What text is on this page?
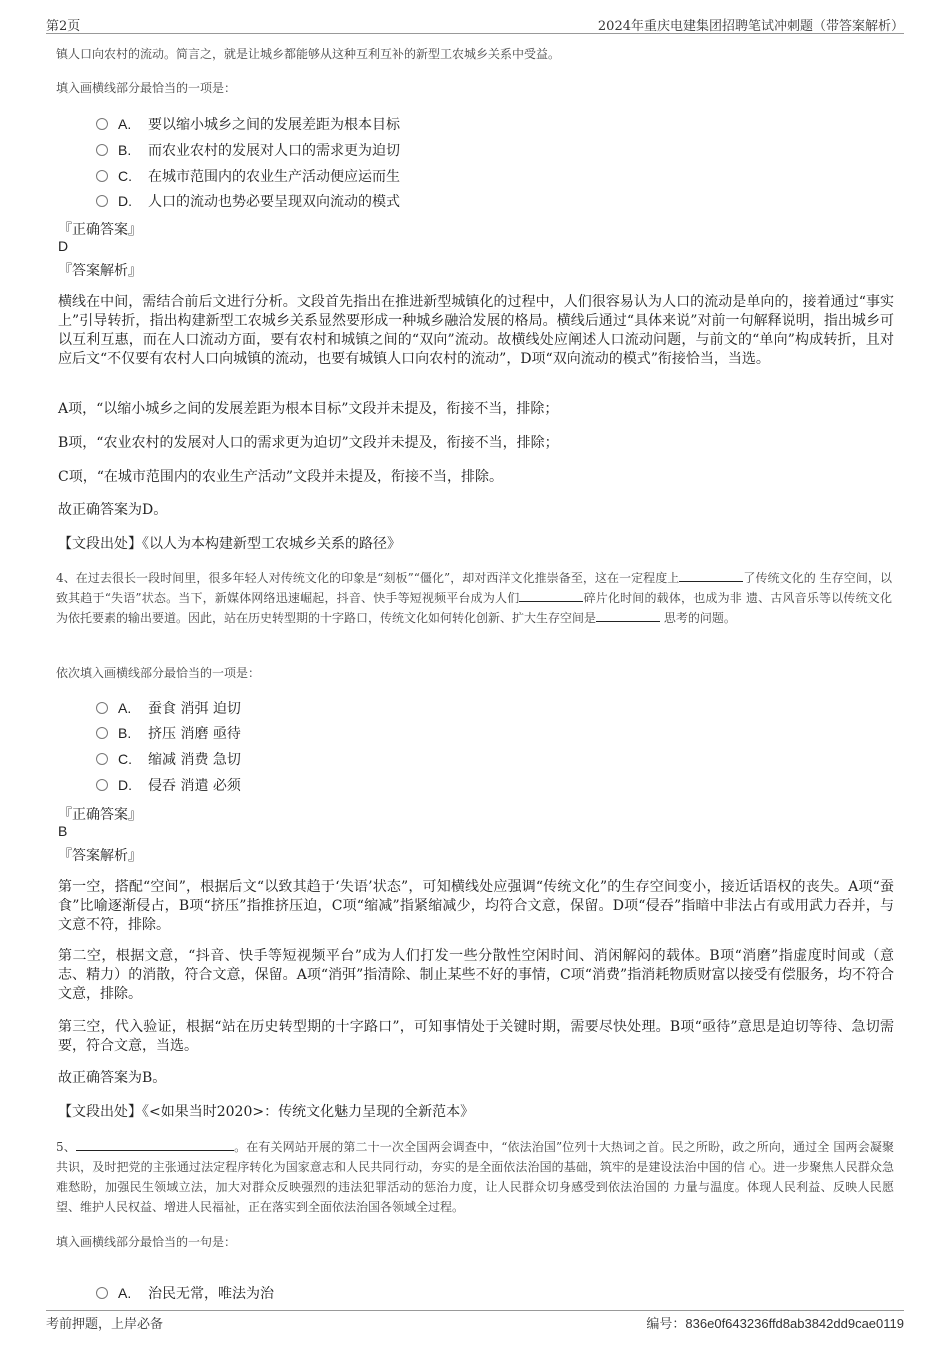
第2页	2024年重庆电建集团招聘笔试冲刺题（带答案解析）
镇人口向农村的流动。简言之，就是让城乡都能够从这种互利互补的新型工农城乡关系中受益。
填入画横线部分最恰当的一项是：
A.	要以缩小城乡之间的发展差距为根本目标
B.	而农业农村的发展对人口的需求更为迫切
C.	在城市范围内的农业生产活动便应运而生
D.	人口的流动也势必要呈现双向流动的模式
『正确答案』
D
『答案解析』
横线在中间，需结合前后文进行分析。文段首先指出在推进新型城镇化的过程中，人们很容易认为人口的流动是单向的，接着通过“事实上”引导转折，指出构建新型工农城乡关系显然要形成一种城乡融洽发展的格局。横线后通过“具体来说”对前一句解释说明，指出城乡可以互利互惠，而在人口流动方面，要有农村和城镇之间的“双向”流动。故横线处应阐述人口流动问题，与前文的“单向”构成转折，且对应后文“不仅要有农村人口向城镇的流动，也要有城镇人口向农村的流动”，D项“双向流动的模式”衔接恰当，当选。
A项，“以缩小城乡之间的发展差距为根本目标”文段并未提及，衔接不当，排除；
B项，“农业农村的发展对人口的需求更为迫切”文段并未提及，衔接不当，排除；
C项，“在城市范围内的农业生产活动”文段并未提及，衔接不当，排除。
故正确答案为D。
【文段出处】《以人为本构建新型工农城乡关系的路径》
4、在过去很长一段时间里，很多年轻人对传统文化的印象是“刻板”“僵化”，却对西洋文化推崇备至，这在一定程度上	了传统文化的 生存空间，以致其趋于“失语”状态。当下，新媒体网络迅速崛起，抖音、快手等短视频平台成为人们	碎片化时间的载体，也成为非 遗、古风音乐等以传统文化为依托要素的输出要道。因此，站在历史转型期的十字路口，传统文化如何转化创新、扩大生存空间是	思考的问题。
依次填入画横线部分最恰当的一项是：
A.	蚕食 消弭 迫切
B.	挤压 消磨 亟待
C.	缩减 消费 急切
D.	侵吞 消遣 必须
『正确答案』
B
『答案解析』
第一空，搭配“空间”，根据后文“以致其趋于‘失语’状态”，可知横线处应强调“传统文化”的生存空间变小，接近话语权的丧失。A项“蚕食”比喻逐渐侵占，B项“挤压”指推挤压迫，C项“缩减”指紧缩减少，均符合文意，保留。D项“侵吞”指暗中非法占有或用武力吞并，与文意不符，排除。
第二空，根据文意，“抖音、快手等短视频平台”成为人们打发一些分散性空闲时间、消闲解闷的载体。B项“消磨”指虚度时间或（意志、精力）的消散，符合文意，保留。A项“消弭”指清除、制止某些不好的事情，C项“消费”指消耗物质财富以接受有偿服务，均不符合文意，排除。
第三空，代入验证，根据“站在历史转型期的十字路口”，可知事情处于关键时期，需要尽快处理。B项“亟待”意思是迫切等待、急切需要，符合文意，当选。
故正确答案为B。
【文段出处】《<如果当时2020>：传统文化魅力呈现的全新范本》
5、	。在有关网站开展的第二十一次全国两会调查中，“依法治国”位列十大热词之首。民之所盼，政之所向，通过全 国两会凝聚共识，及时把党的主张通过法定程序转化为国家意志和人民共同行动，夯实的是全面依法治国的基础，筑牢的是建设法治中国的信 心。进一步聚焦人民群众急难愁盼，加强民生领域立法，加大对群众反映强烈的违法犯罪活动的惩治力度，让人民群众切身感受到依法治国的 力量与温度。体现人民利益、反映人民愿望、维护人民权益、增进人民福祉，正在落实到全面依法治国各领域全过程。
填入画横线部分最恰当的一句是：
A.	治民无常，唯法为治
考前押题，上岸必备	编号：836e0f643236ffd8ab3842dd9cae0119
